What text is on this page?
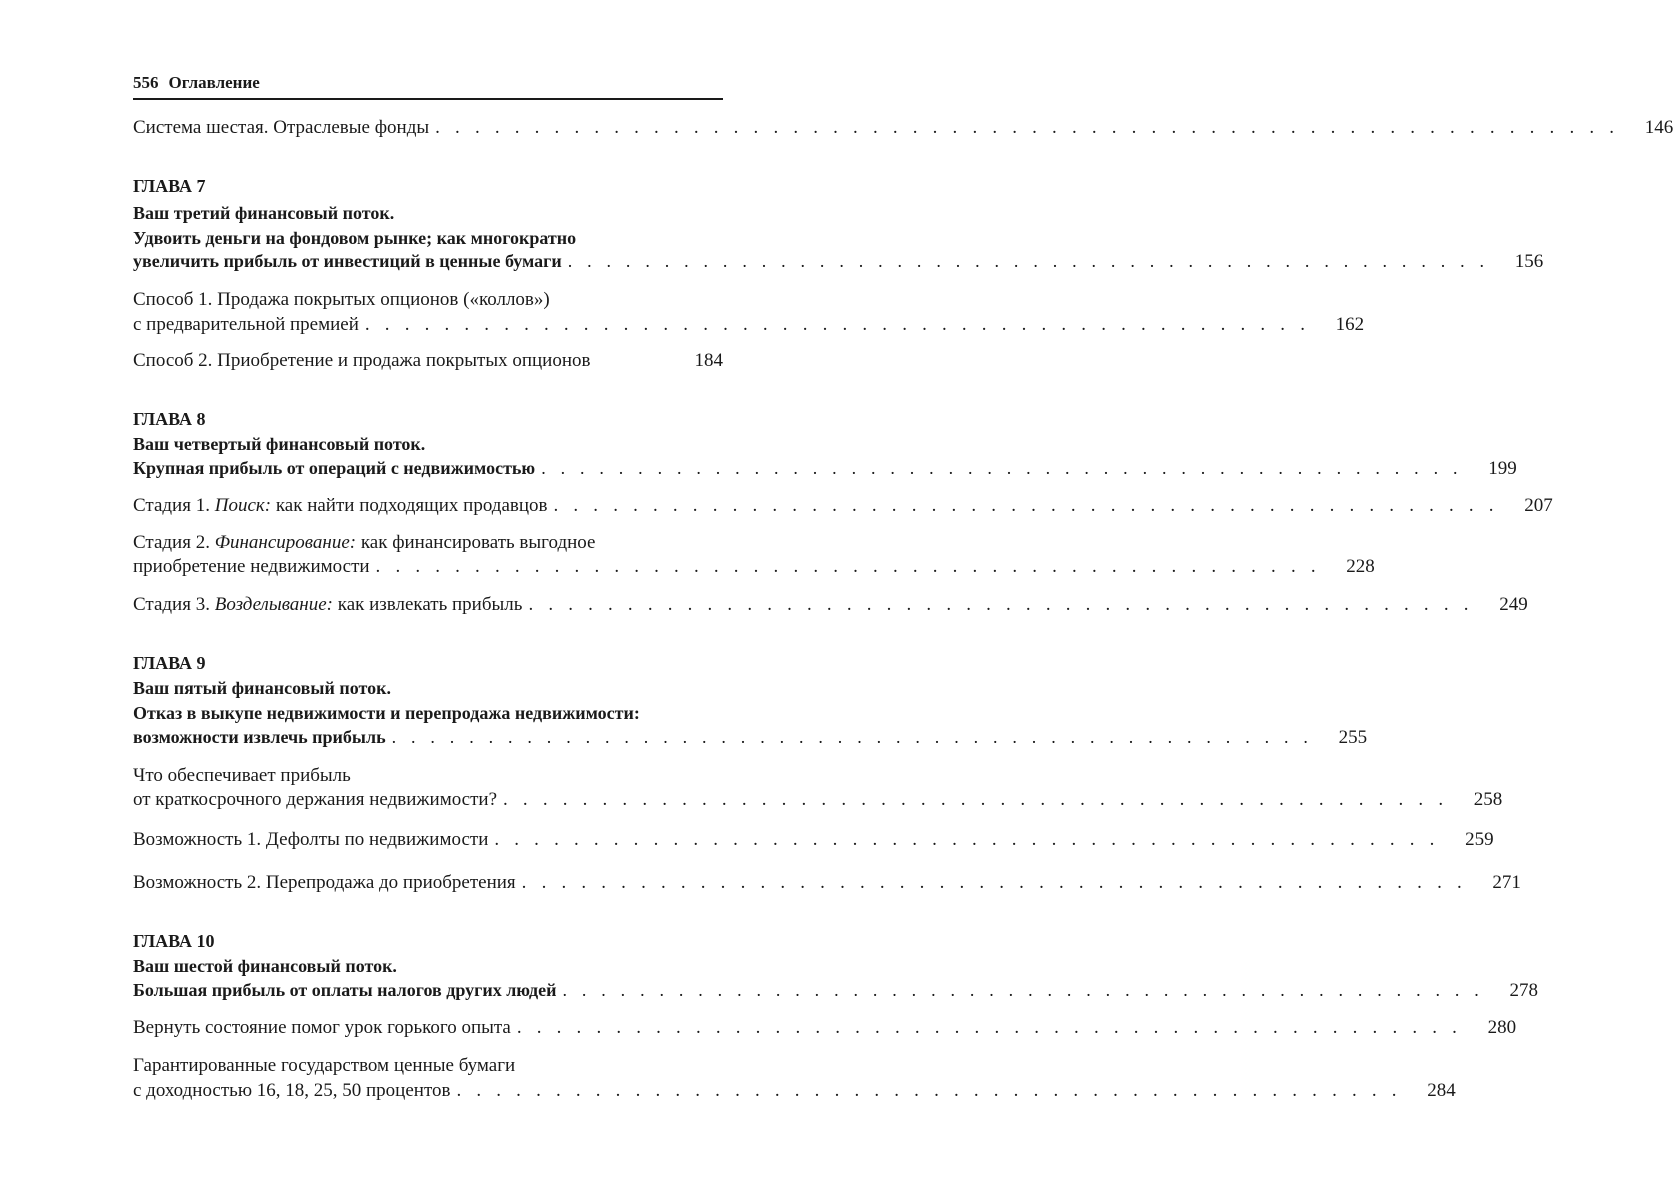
556 Оглавление
Система шестая. Отраслевые фонды . . . . . . . . . . . . . . . . . . . . . . . . . . . . . . . . . . . . . . . . . . . . . . . . . . . . . . . . . . . .	146
ГЛАВА 7
Ваш третий финансовый поток.
Удвоить деньги на фондовом рынке; как многократно
увеличить прибыль от инвестиций в ценные бумаги . . . . . . . . . . . . . . . . . . . . . . . . . . . . . . . . . . . . . . . . . . . . . . . .	156
Способ 1. Продажа покрытых опционов («коллов»)
с предварительной премией . . . . . . . . . . . . . . . . . . . . . . . . . . . . . . . . . . . . . . . . . . . . . . . .	162
Способ 2. Приобретение и продажа покрытых опционов	184
ГЛАВА 8
Ваш четвертый финансовый поток.
Крупная прибыль от операций с недвижимостью . . . . . . . . . . . . . . . . . . . . . . . . . . . . . . . . . . . . . . . . . . . . . . . .	199
Стадия 1. Поиск: как найти подходящих продавцов . . . . . . . . . . . . . . . . . . . . . . . . . . . . . . . . . . . . . . . . . . . . . . . .	207
Стадия 2. Финансирование: как финансировать выгодное
приобретение недвижимости . . . . . . . . . . . . . . . . . . . . . . . . . . . . . . . . . . . . . . . . . . . . . . . .	228
Стадия 3. Возделывание: как извлекать прибыль . . . . . . . . . . . . . . . . . . . . . . . . . . . . . . . . . . . . . . . . . . . . . . . .	249
ГЛАВА 9
Ваш пятый финансовый поток.
Отказ в выкупе недвижимости и перепродажа недвижимости:
возможности извлечь прибыль . . . . . . . . . . . . . . . . . . . . . . . . . . . . . . . . . . . . . . . . . . . . . . . .	255
Что обеспечивает прибыль
от краткосрочного держания недвижимости? . . . . . . . . . . . . . . . . . . . . . . . . . . . . . . . . . . . . . . . . . . . . . . . .	258
Возможность 1. Дефолты по недвижимости . . . . . . . . . . . . . . . . . . . . . . . . . . . . . . . . . . . . . . . . . . . . . . . .	259
Возможность 2. Перепродажа до приобретения . . . . . . . . . . . . . . . . . . . . . . . . . . . . . . . . . . . . . . . . . . . . . . . .	271
ГЛАВА 10
Ваш шестой финансовый поток.
Большая прибыль от оплаты налогов других людей . . . . . . . . . . . . . . . . . . . . . . . . . . . . . . . . . . . . . . . . . . . . . . . .	278
Вернуть состояние помог урок горького опыта . . . . . . . . . . . . . . . . . . . . . . . . . . . . . . . . . . . . . . . . . . . . . . . .	280
Гарантированные государством ценные бумаги
с доходностью 16, 18, 25, 50 процентов . . . . . . . . . . . . . . . . . . . . . . . . . . . . . . . . . . . . . . . . . . . . . . . .	284
